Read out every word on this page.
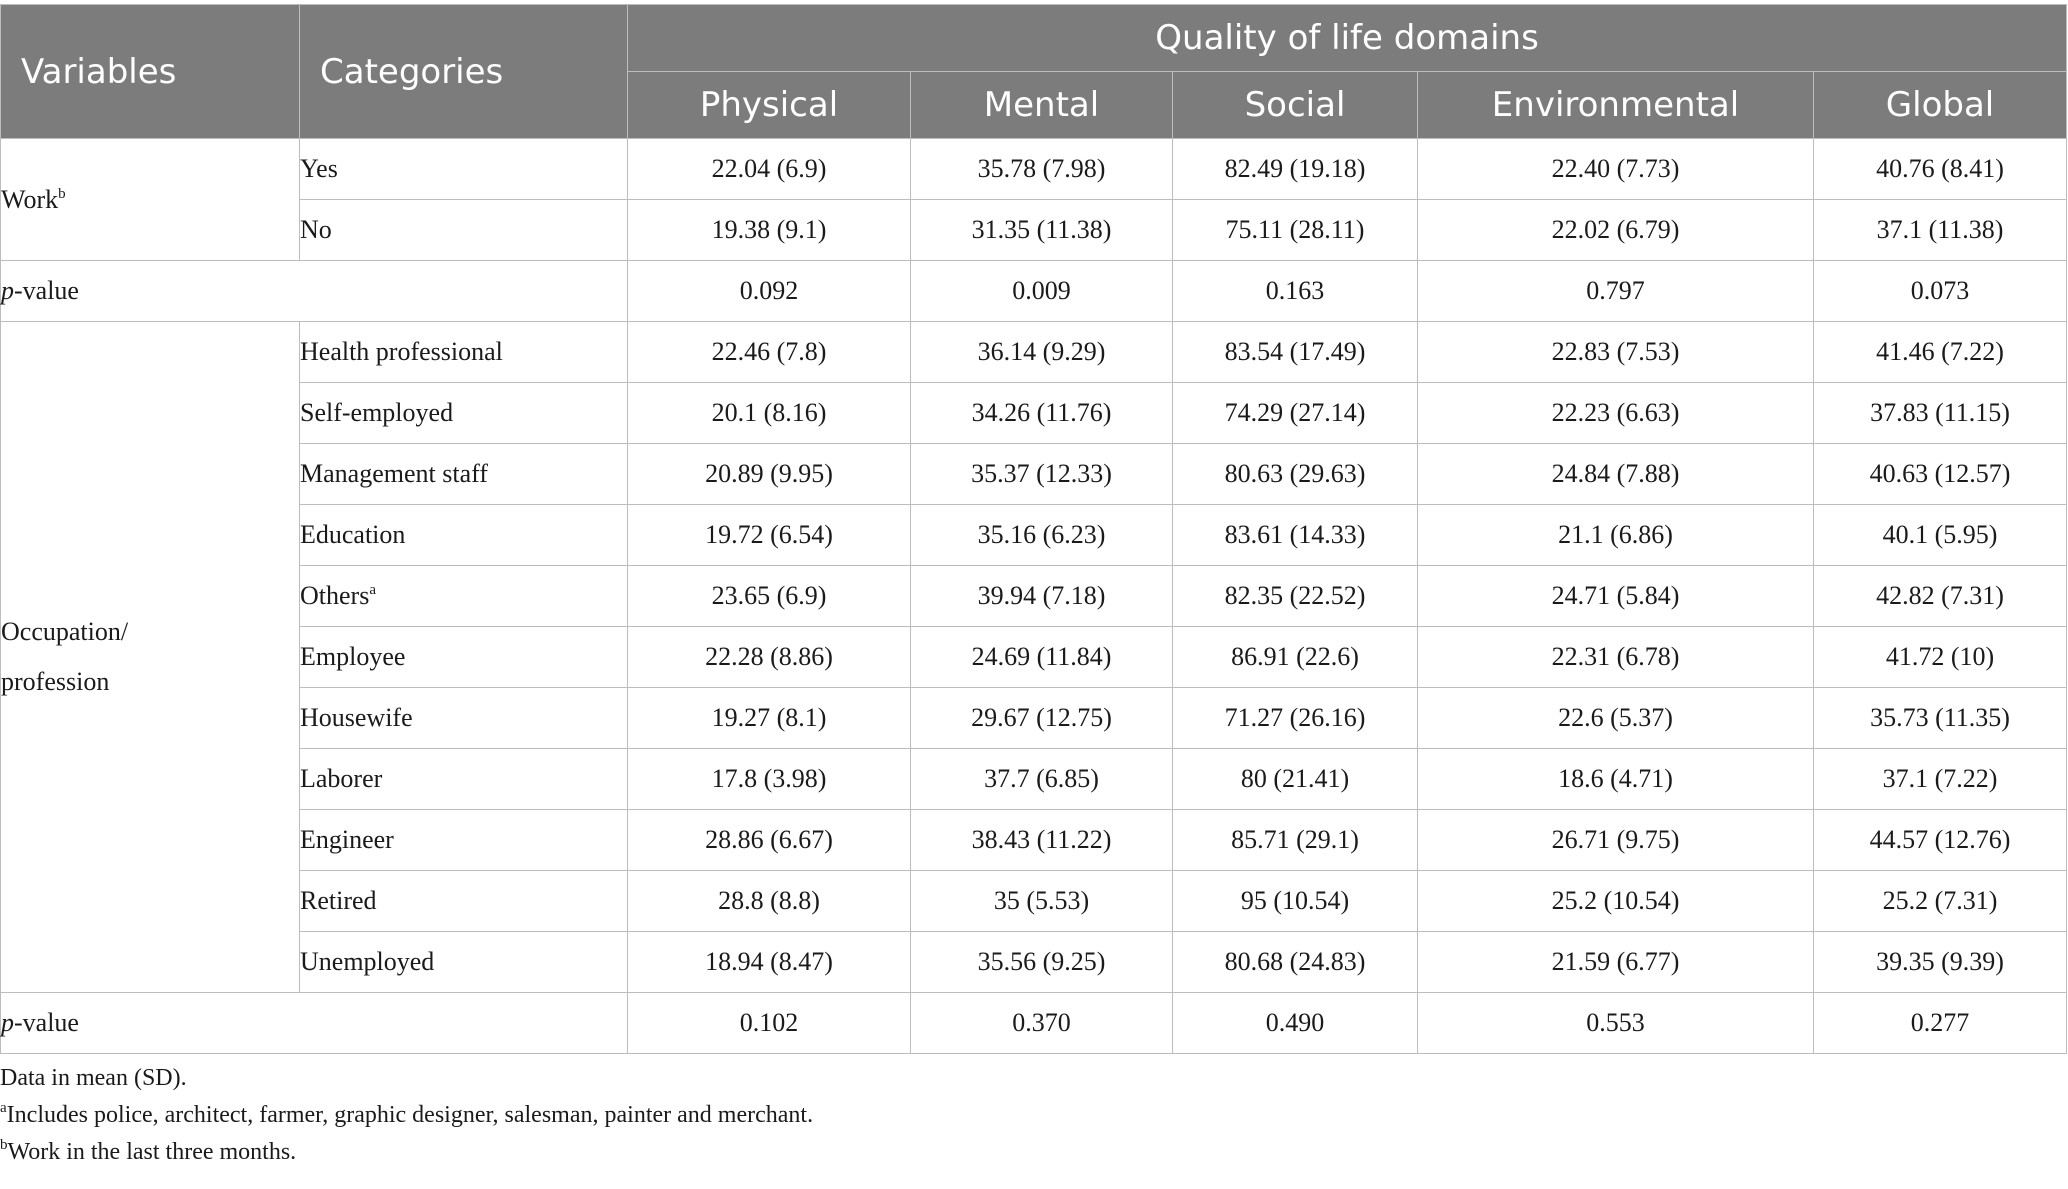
Variables	Categories	Quality of life domains				
		Physical	Mental	Social	Environmental	Global
Work$^b$	Yes	22.04 (6.9)	35.78 (7.98)	82.49 (19.18)	22.40 (7.73)	40.76 (8.41)
	No	19.38 (9.1)	31.35 (11.38)	75.11 (28.11)	22.02 (6.79)	37.1 (11.38)
p-value		0.092	0.009	0.163	0.797	0.073

Occupation/
profession	Health professional	22.46 (7.8)	36.14 (9.29)	83.54 (17.49)	22.83 (7.53)	41.46 (7.22)
	Self-employed	20.1 (8.16)	34.26 (11.76)	74.29 (27.14)	22.23 (6.63)	37.83 (11.15)
	Management staff	20.89 (9.95)	35.37 (12.33)	80.63 (29.63)	24.84 (7.88)	40.63 (12.57)
	Education	19.72 (6.54)	35.16 (6.23)	83.61 (14.33)	21.1 (6.86)	40.1 (5.95)
	Others$^a$	23.65 (6.9)	39.94 (7.18)	82.35 (22.52)	24.71 (5.84)	42.82 (7.31)
	Employee	22.28 (8.86)	24.69 (11.84)	86.91 (22.6)	22.31 (6.78)	41.72 (10)
	Housewife	19.27 (8.1)	29.67 (12.75)	71.27 (26.16)	22.6 (5.37)	35.73 (11.35)
	Laborer	17.8 (3.98)	37.7 (6.85)	80 (21.41)	18.6 (4.71)	37.1 (7.22)
	Engineer	28.86 (6.67)	38.43 (11.22)	85.71 (29.1)	26.71 (9.75)	44.57 (12.76)
	Retired	28.8 (8.8)	35 (5.53)	95 (10.54)	25.2 (10.54)	25.2 (7.31)
	Unemployed	18.94 (8.47)	35.56 (9.25)	80.68 (24.83)	21.59 (6.77)	39.35 (9.39)
p-value		0.102	0.370	0.490	0.553	0.277

Data in mean (SD).

$^a$Includes police, architect, farmer, graphic designer, salesman, painter and merchant.

$^b$Work in the last three months.
